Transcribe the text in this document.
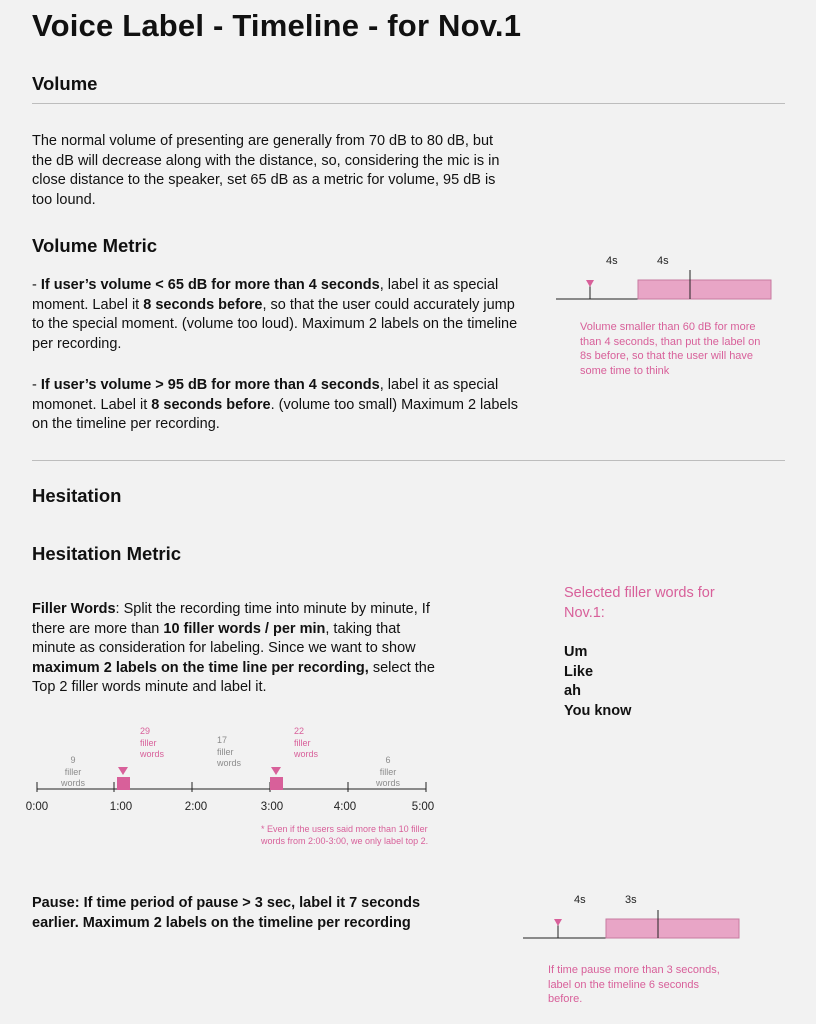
Voice Label - Timeline - for Nov.1
Volume
The normal volume of presenting are generally from 70 dB to 80 dB, but the dB will decrease along with the distance, so, considering the mic is in close distance to the speaker, set 65 dB as a metric for volume, 95 dB is too lound.
Volume Metric
- If user’s volume < 65 dB for more than 4 seconds, label it as special moment. Label it 8 seconds before, so that the user could accurately jump to the special moment. (volume too loud). Maximum 2 labels on the timeline per recording.
- If user’s volume > 95 dB for more than 4 seconds, label it as special momonet. Label it 8 seconds before. (volume too small) Maximum 2 labels on the timeline per recording.
4s	4s
Volume smaller than 60 dB for more than 4 seconds, than put the label on 8s before, so that the user will have some time to think
Hesitation
Hesitation Metric
Filler Words: Split the recording time into minute by minute, If there are more than 10 filler words / per min, taking that minute as consideration for labeling. Since we want to show maximum 2 labels on the time line per recording, select the Top 2 filler words minute and label it.
Selected filler words for Nov.1:
Um
Like
ah
You know
9
filler
words
29
filler
words
17
filler
words
22
filler
words
6
filler
words
0:00	1:00	2:00	3:00	4:00	5:00
* Even if the users said more than 10 filler words from 2:00-3:00, we only label top 2.
Pause: If time period of pause > 3 sec, label it 7 seconds earlier. Maximum 2 labels on the timeline per recording
4s	3s
If time pause more than 3 seconds, label on the timeline 6 seconds before.
